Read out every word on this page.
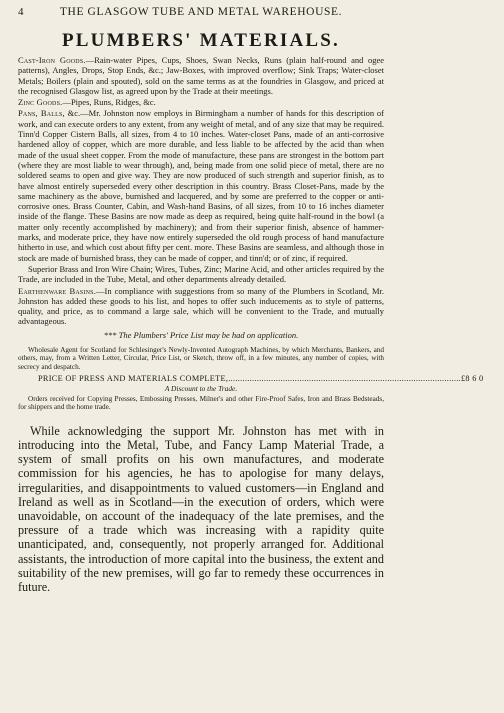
4	THE GLASGOW TUBE AND METAL WAREHOUSE.
PLUMBERS' MATERIALS.

Cast-Iron Goods.—Rain-water Pipes, Cups, Shoes, Swan Necks, Runs (plain half-round and ogee patterns), Angles, Drops, Stop Ends, &c.; Jaw-Boxes, with improved overflow; Sink Traps; Water-closet Metals; Boilers (plain and spouted), sold on the same terms as at the foundries in Glasgow, and priced at the recognised Glasgow list, as agreed upon by the Trade at their meetings.

Zinc Goods.—Pipes, Runs, Ridges, &c.

Pans, Balls, &c.—Mr. Johnston now employs in Birmingham a number of hands for this description of work, and can execute orders to any extent, from any weight of metal, and of any size that may be required. Tinn'd Copper Cistern Balls, all sizes, from 4 to 10 inches. Water-closet Pans, made of an anti-corrosive hardened alloy of copper, which are more durable, and less liable to be affected by the acid than when made of the usual sheet copper. From the mode of manufacture, these pans are strongest in the bottom part (where they are most liable to wear through), and, being made from one solid piece of metal, there are no soldered seams to open and give way. They are now produced of such strength and superior finish, as to have almost entirely superseded every other description in this country. Brass Closet-Pans, made by the same machinery as the above, burnished and lacquered, and by some are preferred to the copper or anti-corrosive ones. Brass Counter, Cabin, and Wash-hand Basins, of all sizes, from 10 to 16 inches diameter inside of the flange. These Basins are now made as deep as required, being quite half-round in the bowl (a matter only recently accomplished by machinery); and from their superior finish, absence of hammer-marks, and moderate price, they have now entirely superseded the old rough process of hand manufacture hitherto in use, and which cost about fifty per cent. more. These Basins are seamless, and although those in stock are made of burnished brass, they can be made of copper, and tinn'd; or of zinc, if required.

Superior Brass and Iron Wire Chain; Wires, Tubes, Zinc; Marine Acid, and other articles required by the Trade, are included in the Tube, Metal, and other departments already detailed.

Earthenware Basins.—In compliance with suggestions from so many of the Plumbers in Scotland, Mr. Johnston has added these goods to his list, and hopes to offer such inducements as to style of patterns, quality, and price, as to command a large sale, which will be convenient to the Trade, and mutually advantageous.

*** The Plumbers' Price List may be had on application.

Wholesale Agent for Scotland for Schlesinger's Newly-Invented Autograph Machines, by which Merchants, Bankers, and others, may, from a Written Letter, Circular, Price List, or Sketch, throw off, in a few minutes, any number of copies, with secrecy and despatch.

PRICE OF PRESS AND MATERIALS COMPLETE, .................................................................................................. £8 6 0
A Discount to the Trade.

Orders received for Copying Presses, Embossing Presses, Milner's and other Fire-Proof Safes, Iron and Brass Bedsteads, for shippers and the home trade.

While acknowledging the support Mr. Johnston has met with in introducing into the Metal, Tube, and Fancy Lamp Material Trade, a system of small profits on his own manufactures, and moderate commission for his agencies, he has to apologise for many delays, irregularities, and disappointments to valued customers—in England and Ireland as well as in Scotland—in the execution of orders, which were unavoidable, on account of the inadequacy of the late premises, and the pressure of a trade which was increasing with a rapidity quite unanticipated, and, consequently, not properly arranged for. Additional assistants, the introduction of more capital into the business, the extent and suitability of the new premises, will go far to remedy these occurrences in future.
